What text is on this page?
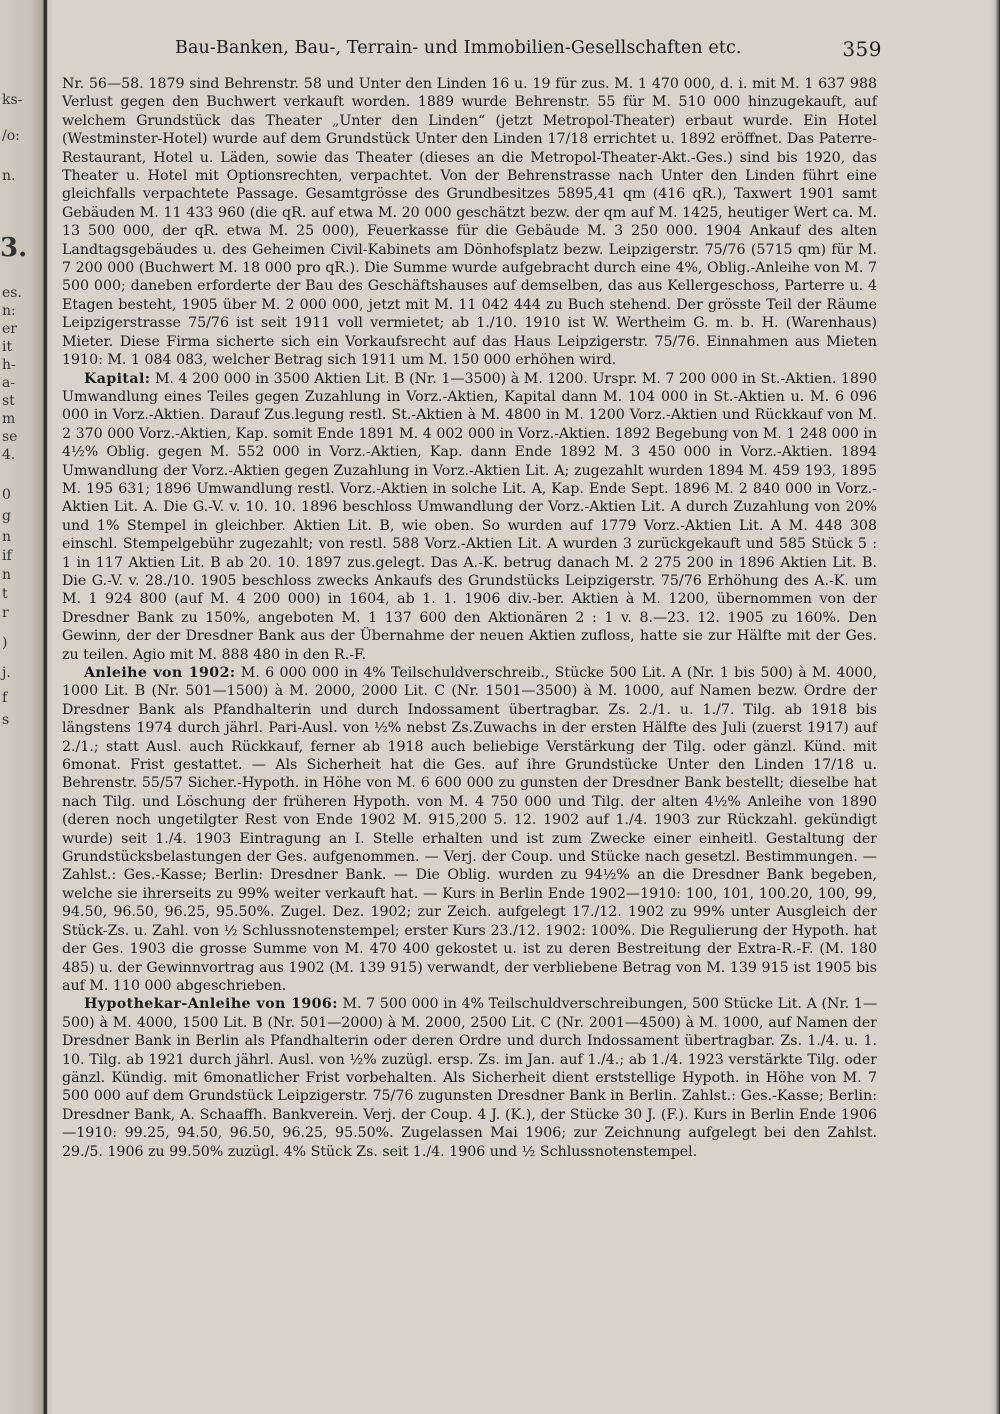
ks-
/o:
n.
3.
es.
n:
er
it
h-
a-
st
m
se
4.
0
g
n
if
n
t
r
)
j.
f
s
Bau-Banken, Bau-, Terrain- und Immobilien-Gesellschaften etc.	359

Nr. 56—58. 1879 sind Behrenstr. 58 und Unter den Linden 16 u. 19 für zus. M. 1 470 000, d. i. mit M. 1 637 988 Verlust gegen den Buchwert verkauft worden. 1889 wurde Behrenstr. 55 für M. 510 000 hinzugekauft, auf welchem Grundstück das Theater „Unter den Linden“ (jetzt Metropol-Theater) erbaut wurde. Ein Hotel (Westminster-Hotel) wurde auf dem Grundstück Unter den Linden 17/18 errichtet u. 1892 eröffnet. Das Paterre-Restaurant, Hotel u. Läden, sowie das Theater (dieses an die Metropol-Theater-Akt.-Ges.) sind bis 1920, das Theater u. Hotel mit Optionsrechten, verpachtet. Von der Behrenstrasse nach Unter den Linden führt eine gleichfalls verpachtete Passage. Gesamtgrösse des Grundbesitzes 5895,41 qm (416 qR.), Taxwert 1901 samt Gebäuden M. 11 433 960 (die qR. auf etwa M. 20 000 geschätzt bezw. der qm auf M. 1425, heutiger Wert ca. M. 13 500 000, der qR. etwa M. 25 000), Feuerkasse für die Gebäude M. 3 250 000. 1904 Ankauf des alten Landtagsgebäudes u. des Geheimen Civil-Kabinets am Dönhofsplatz bezw. Leipzigerstr. 75/76 (5715 qm) für M. 7 200 000 (Buchwert M. 18 000 pro qR.). Die Summe wurde aufgebracht durch eine 4%, Oblig.-Anleihe von M. 7 500 000; daneben erforderte der Bau des Geschäftshauses auf demselben, das aus Kellergeschoss, Parterre u. 4 Etagen besteht, 1905 über M. 2 000 000, jetzt mit M. 11 042 444 zu Buch stehend. Der grösste Teil der Räume Leipzigerstrasse 75/76 ist seit 1911 voll vermietet; ab 1./10. 1910 ist W. Wertheim G. m. b. H. (Warenhaus) Mieter. Diese Firma sicherte sich ein Vorkaufsrecht auf das Haus Leipzigerstr. 75/76. Einnahmen aus Mieten 1910: M. 1 084 083, welcher Betrag sich 1911 um M. 150 000 erhöhen wird.

Kapital: M. 4 200 000 in 3500 Aktien Lit. B (Nr. 1—3500) à M. 1200. Urspr. M. 7 200 000 in St.-Aktien. 1890 Umwandlung eines Teiles gegen Zuzahlung in Vorz.-Aktien, Kapital dann M. 104 000 in St.-Aktien u. M. 6 096 000 in Vorz.-Aktien. Darauf Zus.legung restl. St.-Aktien à M. 4800 in M. 1200 Vorz.-Aktien und Rückkauf von M. 2 370 000 Vorz.-Aktien, Kap. somit Ende 1891 M. 4 002 000 in Vorz.-Aktien. 1892 Begebung von M. 1 248 000 in 4½% Oblig. gegen M. 552 000 in Vorz.-Aktien, Kap. dann Ende 1892 M. 3 450 000 in Vorz.-Aktien. 1894 Umwandlung der Vorz.-Aktien gegen Zuzahlung in Vorz.-Aktien Lit. A; zugezahlt wurden 1894 M. 459 193, 1895 M. 195 631; 1896 Umwandlung restl. Vorz.-Aktien in solche Lit. A, Kap. Ende Sept. 1896 M. 2 840 000 in Vorz.-Aktien Lit. A. Die G.-V. v. 10. 10. 1896 beschloss Umwandlung der Vorz.-Aktien Lit. A durch Zuzahlung von 20% und 1% Stempel in gleichber. Aktien Lit. B, wie oben. So wurden auf 1779 Vorz.-Aktien Lit. A M. 448 308 einschl. Stempelgebühr zugezahlt; von restl. 588 Vorz.-Aktien Lit. A wurden 3 zurückgekauft und 585 Stück 5 : 1 in 117 Aktien Lit. B ab 20. 10. 1897 zus.gelegt. Das A.-K. betrug danach M. 2 275 200 in 1896 Aktien Lit. B. Die G.-V. v. 28./10. 1905 beschloss zwecks Ankaufs des Grundstücks Leipzigerstr. 75/76 Erhöhung des A.-K. um M. 1 924 800 (auf M. 4 200 000) in 1604, ab 1. 1. 1906 div.-ber. Aktien à M. 1200, übernommen von der Dresdner Bank zu 150%, angeboten M. 1 137 600 den Aktionären 2 : 1 v. 8.—23. 12. 1905 zu 160%. Den Gewinn, der der Dresdner Bank aus der Übernahme der neuen Aktien zufloss, hatte sie zur Hälfte mit der Ges. zu teilen. Agio mit M. 888 480 in den R.-F.

Anleihe von 1902: M. 6 000 000 in 4% Teilschuldverschreib., Stücke 500 Lit. A (Nr. 1 bis 500) à M. 4000, 1000 Lit. B (Nr. 501—1500) à M. 2000, 2000 Lit. C (Nr. 1501—3500) à M. 1000, auf Namen bezw. Ordre der Dresdner Bank als Pfandhalterin und durch Indossament übertragbar. Zs. 2./1. u. 1./7. Tilg. ab 1918 bis längstens 1974 durch jährl. Pari-Ausl. von ½% nebst Zs.Zuwachs in der ersten Hälfte des Juli (zuerst 1917) auf 2./1.; statt Ausl. auch Rückkauf, ferner ab 1918 auch beliebige Verstärkung der Tilg. oder gänzl. Künd. mit 6monat. Frist gestattet. — Als Sicherheit hat die Ges. auf ihre Grundstücke Unter den Linden 17/18 u. Behrenstr. 55/57 Sicher.-Hypoth. in Höhe von M. 6 600 000 zu gunsten der Dresdner Bank bestellt; dieselbe hat nach Tilg. und Löschung der früheren Hypoth. von M. 4 750 000 und Tilg. der alten 4½% Anleihe von 1890 (deren noch ungetilgter Rest von Ende 1902 M. 915,200 5. 12. 1902 auf 1./4. 1903 zur Rückzahl. gekündigt wurde) seit 1./4. 1903 Eintragung an I. Stelle erhalten und ist zum Zwecke einer einheitl. Gestaltung der Grundstücksbelastungen der Ges. aufgenommen. — Verj. der Coup. und Stücke nach gesetzl. Bestimmungen. — Zahlst.: Ges.-Kasse; Berlin: Dresdner Bank. — Die Oblig. wurden zu 94½% an die Dresdner Bank begeben, welche sie ihrerseits zu 99% weiter verkauft hat. — Kurs in Berlin Ende 1902—1910: 100, 101, 100.20, 100, 99, 94.50, 96.50, 96.25, 95.50%. Zugel. Dez. 1902; zur Zeich. aufgelegt 17./12. 1902 zu 99% unter Ausgleich der Stück-Zs. u. Zahl. von ½ Schlussnotenstempel; erster Kurs 23./12. 1902: 100%. Die Regulierung der Hypoth. hat der Ges. 1903 die grosse Summe von M. 470 400 gekostet u. ist zu deren Bestreitung der Extra-R.-F. (M. 180 485) u. der Gewinnvortrag aus 1902 (M. 139 915) verwandt, der verbliebene Betrag von M. 139 915 ist 1905 bis auf M. 110 000 abgeschrieben.

Hypothekar-Anleihe von 1906: M. 7 500 000 in 4% Teilschuldverschreibungen, 500 Stücke Lit. A (Nr. 1—500) à M. 4000, 1500 Lit. B (Nr. 501—2000) à M. 2000, 2500 Lit. C (Nr. 2001—4500) à M. 1000, auf Namen der Dresdner Bank in Berlin als Pfandhalterin oder deren Ordre und durch Indossament übertragbar. Zs. 1./4. u. 1. 10. Tilg. ab 1921 durch jährl. Ausl. von ½% zuzügl. ersp. Zs. im Jan. auf 1./4.; ab 1./4. 1923 verstärkte Tilg. oder gänzl. Kündig. mit 6monatlicher Frist vorbehalten. Als Sicherheit dient erststellige Hypoth. in Höhe von M. 7 500 000 auf dem Grundstück Leipzigerstr. 75/76 zugunsten Dresdner Bank in Berlin. Zahlst.: Ges.-Kasse; Berlin: Dresdner Bank, A. Schaaffh. Bankverein. Verj. der Coup. 4 J. (K.), der Stücke 30 J. (F.). Kurs in Berlin Ende 1906—1910: 99.25, 94.50, 96.50, 96.25, 95.50%. Zugelassen Mai 1906; zur Zeichnung aufgelegt bei den Zahlst. 29./5. 1906 zu 99.50% zuzügl. 4% Stück Zs. seit 1./4. 1906 und ½ Schlussnotenstempel.
